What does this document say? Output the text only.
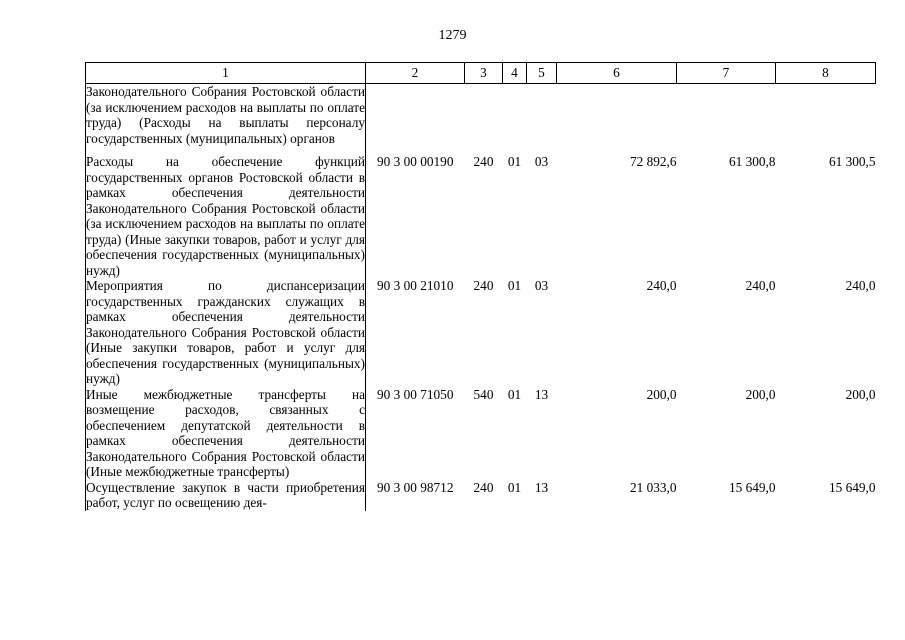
1279
1	2	3	4	5	6	7	8
Законодательного Собрания Ростовской области (за исключением расходов на выплаты по оплате труда) (Расходы на выплаты персоналу государственных (муниципальных) органов							
Расходы на обеспечение функций государственных органов Ростовской области в рамках обеспечения деятельности Законодательного Собрания Ростовской области (за исключением расходов на выплаты по оплате труда) (Иные закупки товаров, работ и услуг для обеспечения государственных (муниципальных) нужд)	90 3 00 00190	240	01	03	72 892,6	61 300,8	61 300,5
Мероприятия по диспансеризации государственных гражданских служащих в рамках обеспечения деятельности Законодательного Собрания Ростовской области (Иные закупки товаров, работ и услуг для обеспечения государственных (муниципальных) нужд)	90 3 00 21010	240	01	03	240,0	240,0	240,0
Иные межбюджетные трансферты на возмещение расходов, связанных с обеспечением депутатской деятельности в рамках обеспечения деятельности Законодательного Собрания Ростовской области (Иные межбюджетные трансферты)	90 3 00 71050	540	01	13	200,0	200,0	200,0
Осуществление закупок в части приобретения работ, услуг по освещению дея-	90 3 00 98712	240	01	13	21 033,0	15 649,0	15 649,0
